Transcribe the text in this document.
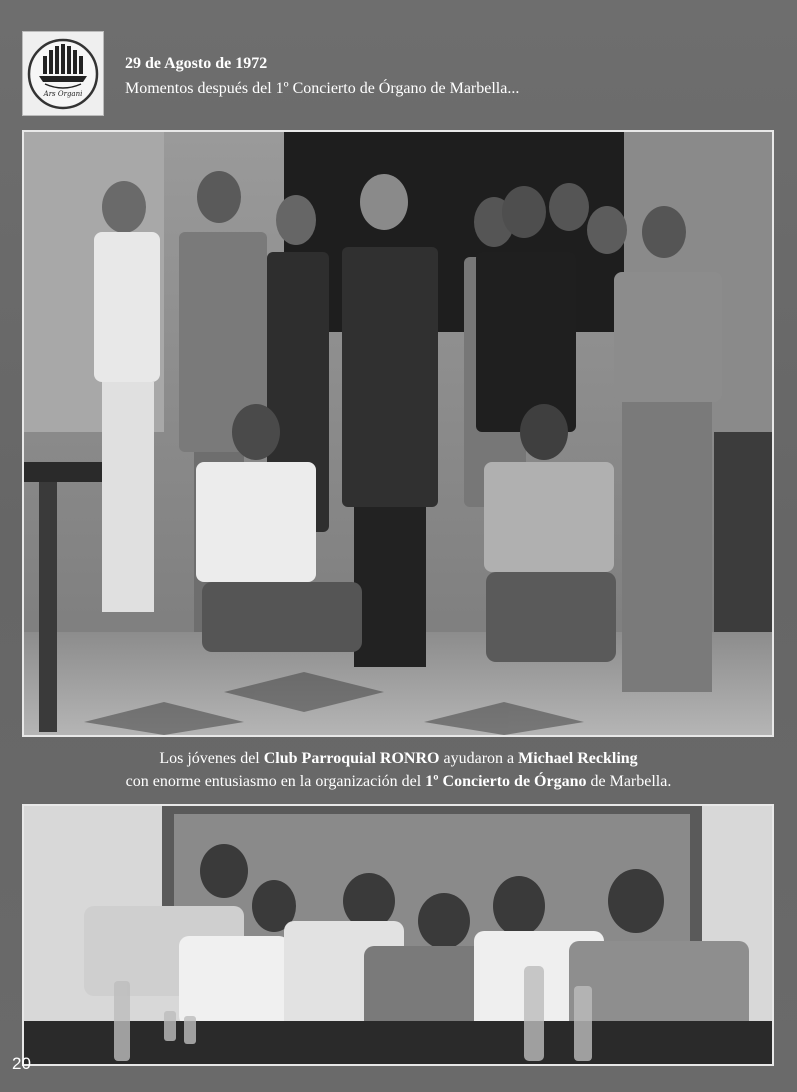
Ars Organi
29 de Agosto de 1972
Momentos después del 1º Concierto de Órgano de Marbella...
Los jóvenes del Club Parroquial RONRO ayudaron a Michael Reckling
con enorme entusiasmo en la organización del 1º Concierto de Órgano de Marbella.
20
